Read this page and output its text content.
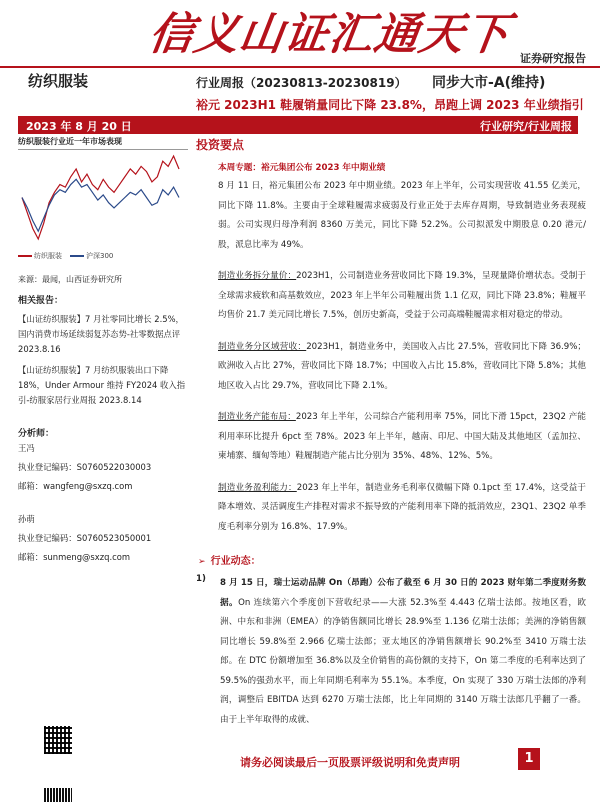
信义山证汇通天下 证券研究报告
纺织服装	行业周报（20230813-20230819） 同步大市-A(维持)
裕元 2023H1 鞋履销量同比下降 23.8%，昂跑上调 2023 年业绩指引
2023 年 8 月 20 日	行业研究/行业周报
纺织服装行业近一年市场表现
纺织服装	沪深300
来源：最闻，山西证券研究所
相关报告：
【山证纺织服装】7 月社零同比增长 2.5%，国内消费市场延续弱复苏态势-社零数据点评 2023.8.16
【山证纺织服装】7 月纺织服装出口下降 18%，Under Armour 维持 FY2024 收入指引-纺服家居行业周报 2023.8.14
分析师：
王冯
执业登记编码：S0760522030003
邮箱：wangfeng@sxzq.com
孙萌
执业登记编码：S0760523050001
邮箱：sunmeng@sxzq.com
投资要点
本周专题：裕元集团公布 2023 年中期业绩

8 月 11 日，裕元集团公布 2023 年中期业绩。2023 年上半年，公司实现营收 41.55 亿美元，同比下降 11.8%。主要由于全球鞋履需求疲弱及行业正处于去库存周期，导致制造业务表现疲弱。公司实现归母净利润 8360 万美元，同比下降 52.2%。公司拟派发中期股息 0.20 港元/股，派息比率为 49%。

制造业务拆分量价：2023H1，公司制造业务营收同比下降 19.3%，呈现量降价增状态。受制于全球需求疲软和高基数效应，2023 年上半年公司鞋履出货 1.1 亿双，同比下降 23.8%；鞋履平均售价 21.7 美元同比增长 7.5%，创历史新高，受益于公司高端鞋履需求相对稳定的带动。

制造业务分区域营收：2023H1，制造业务中，美国收入占比 27.5%，营收同比下降 36.9%；欧洲收入占比 27%，营收同比下降 18.7%；中国收入占比 15.8%，营收同比下降 5.8%；其他地区收入占比 29.7%，营收同比下降 2.1%。

制造业务产能布局：2023 年上半年，公司综合产能利用率 75%，同比下滑 15pct，23Q2 产能利用率环比提升 6pct 至 78%。2023 年上半年，越南、印尼、中国大陆及其他地区（孟加拉、柬埔寨、缅甸等地）鞋履制造产能占比分别为 35%、48%、12%、5%。

制造业务盈利能力：2023 年上半年，制造业务毛利率仅微幅下降 0.1pct 至 17.4%，这受益于降本增效、灵活调度生产排程对需求不振导致的产能利用率下降的抵消效应，23Q1、23Q2 单季度毛利率分别为 16.8%、17.9%。

➢ 行业动态：
1)	8 月 15 日，瑞士运动品牌 On（昂跑）公布了截至 6 月 30 日的 2023 财年第二季度财务数据。On 连续第六个季度创下营收纪录——大涨 52.3%至 4.443 亿瑞士法郎。按地区看，欧洲、中东和非洲（EMEA）的净销售额同比增长 28.9%至 1.136 亿瑞士法郎；美洲的净销售额同比增长 59.8%至 2.966 亿瑞士法郎；亚太地区的净销售额增长 90.2%至 3410 万瑞士法郎。在 DTC 份额增加至 36.8%以及全价销售的高份额的支持下，On 第二季度的毛利率达到了 59.5%的强劲水平，而上年同期毛利率为 55.1%。本季度，On 实现了 330 万瑞士法郎的净利润，调整后 EBITDA 达到 6270 万瑞士法郎，比上年同期的 3140 万瑞士法郎几乎翻了一番。由于上半年取得的成就、
请务必阅读最后一页股票评级说明和免责声明	1
